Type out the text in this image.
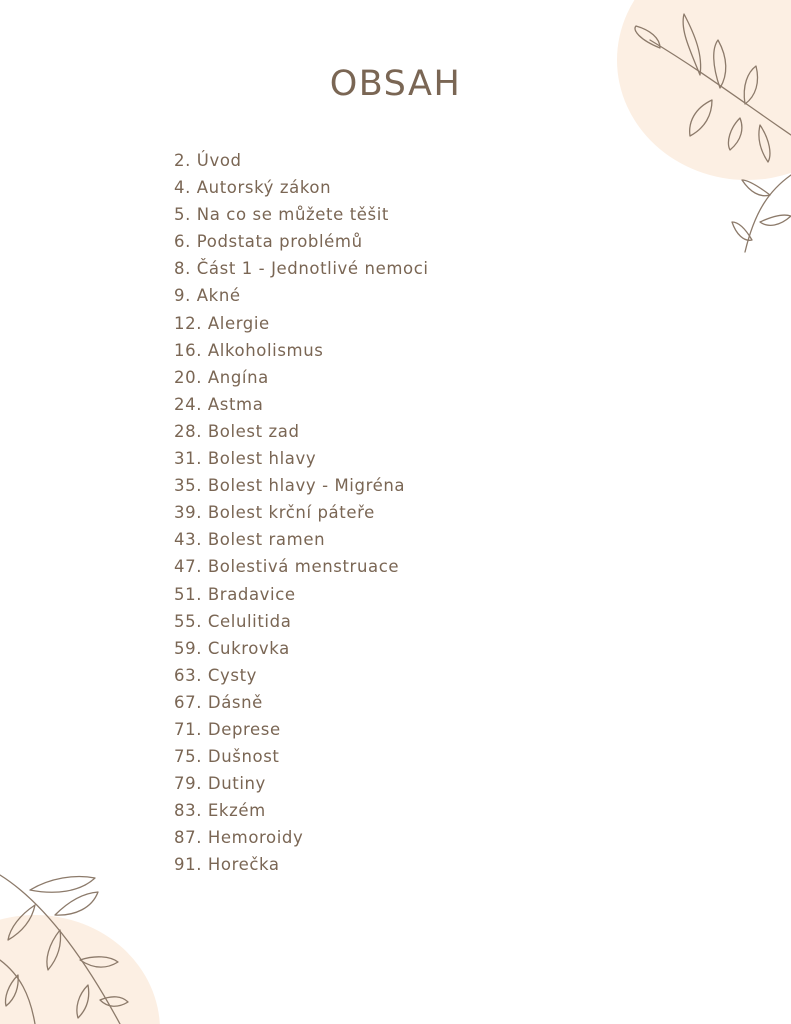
OBSAH
2. Úvod
4. Autorský zákon
5. Na co se můžete těšit
6. Podstata problémů
8. Část 1 - Jednotlivé nemoci
9. Akné
12. Alergie
16. Alkoholismus
20. Angína
24. Astma
28. Bolest zad
31. Bolest hlavy
35. Bolest hlavy - Migréna
39. Bolest krční páteře
43. Bolest ramen
47. Bolestivá menstruace
51. Bradavice
55. Celulitida
59. Cukrovka
63. Cysty
67. Dásně
71. Deprese
75. Dušnost
79. Dutiny
83. Ekzém
87. Hemoroidy
91. Horečka
